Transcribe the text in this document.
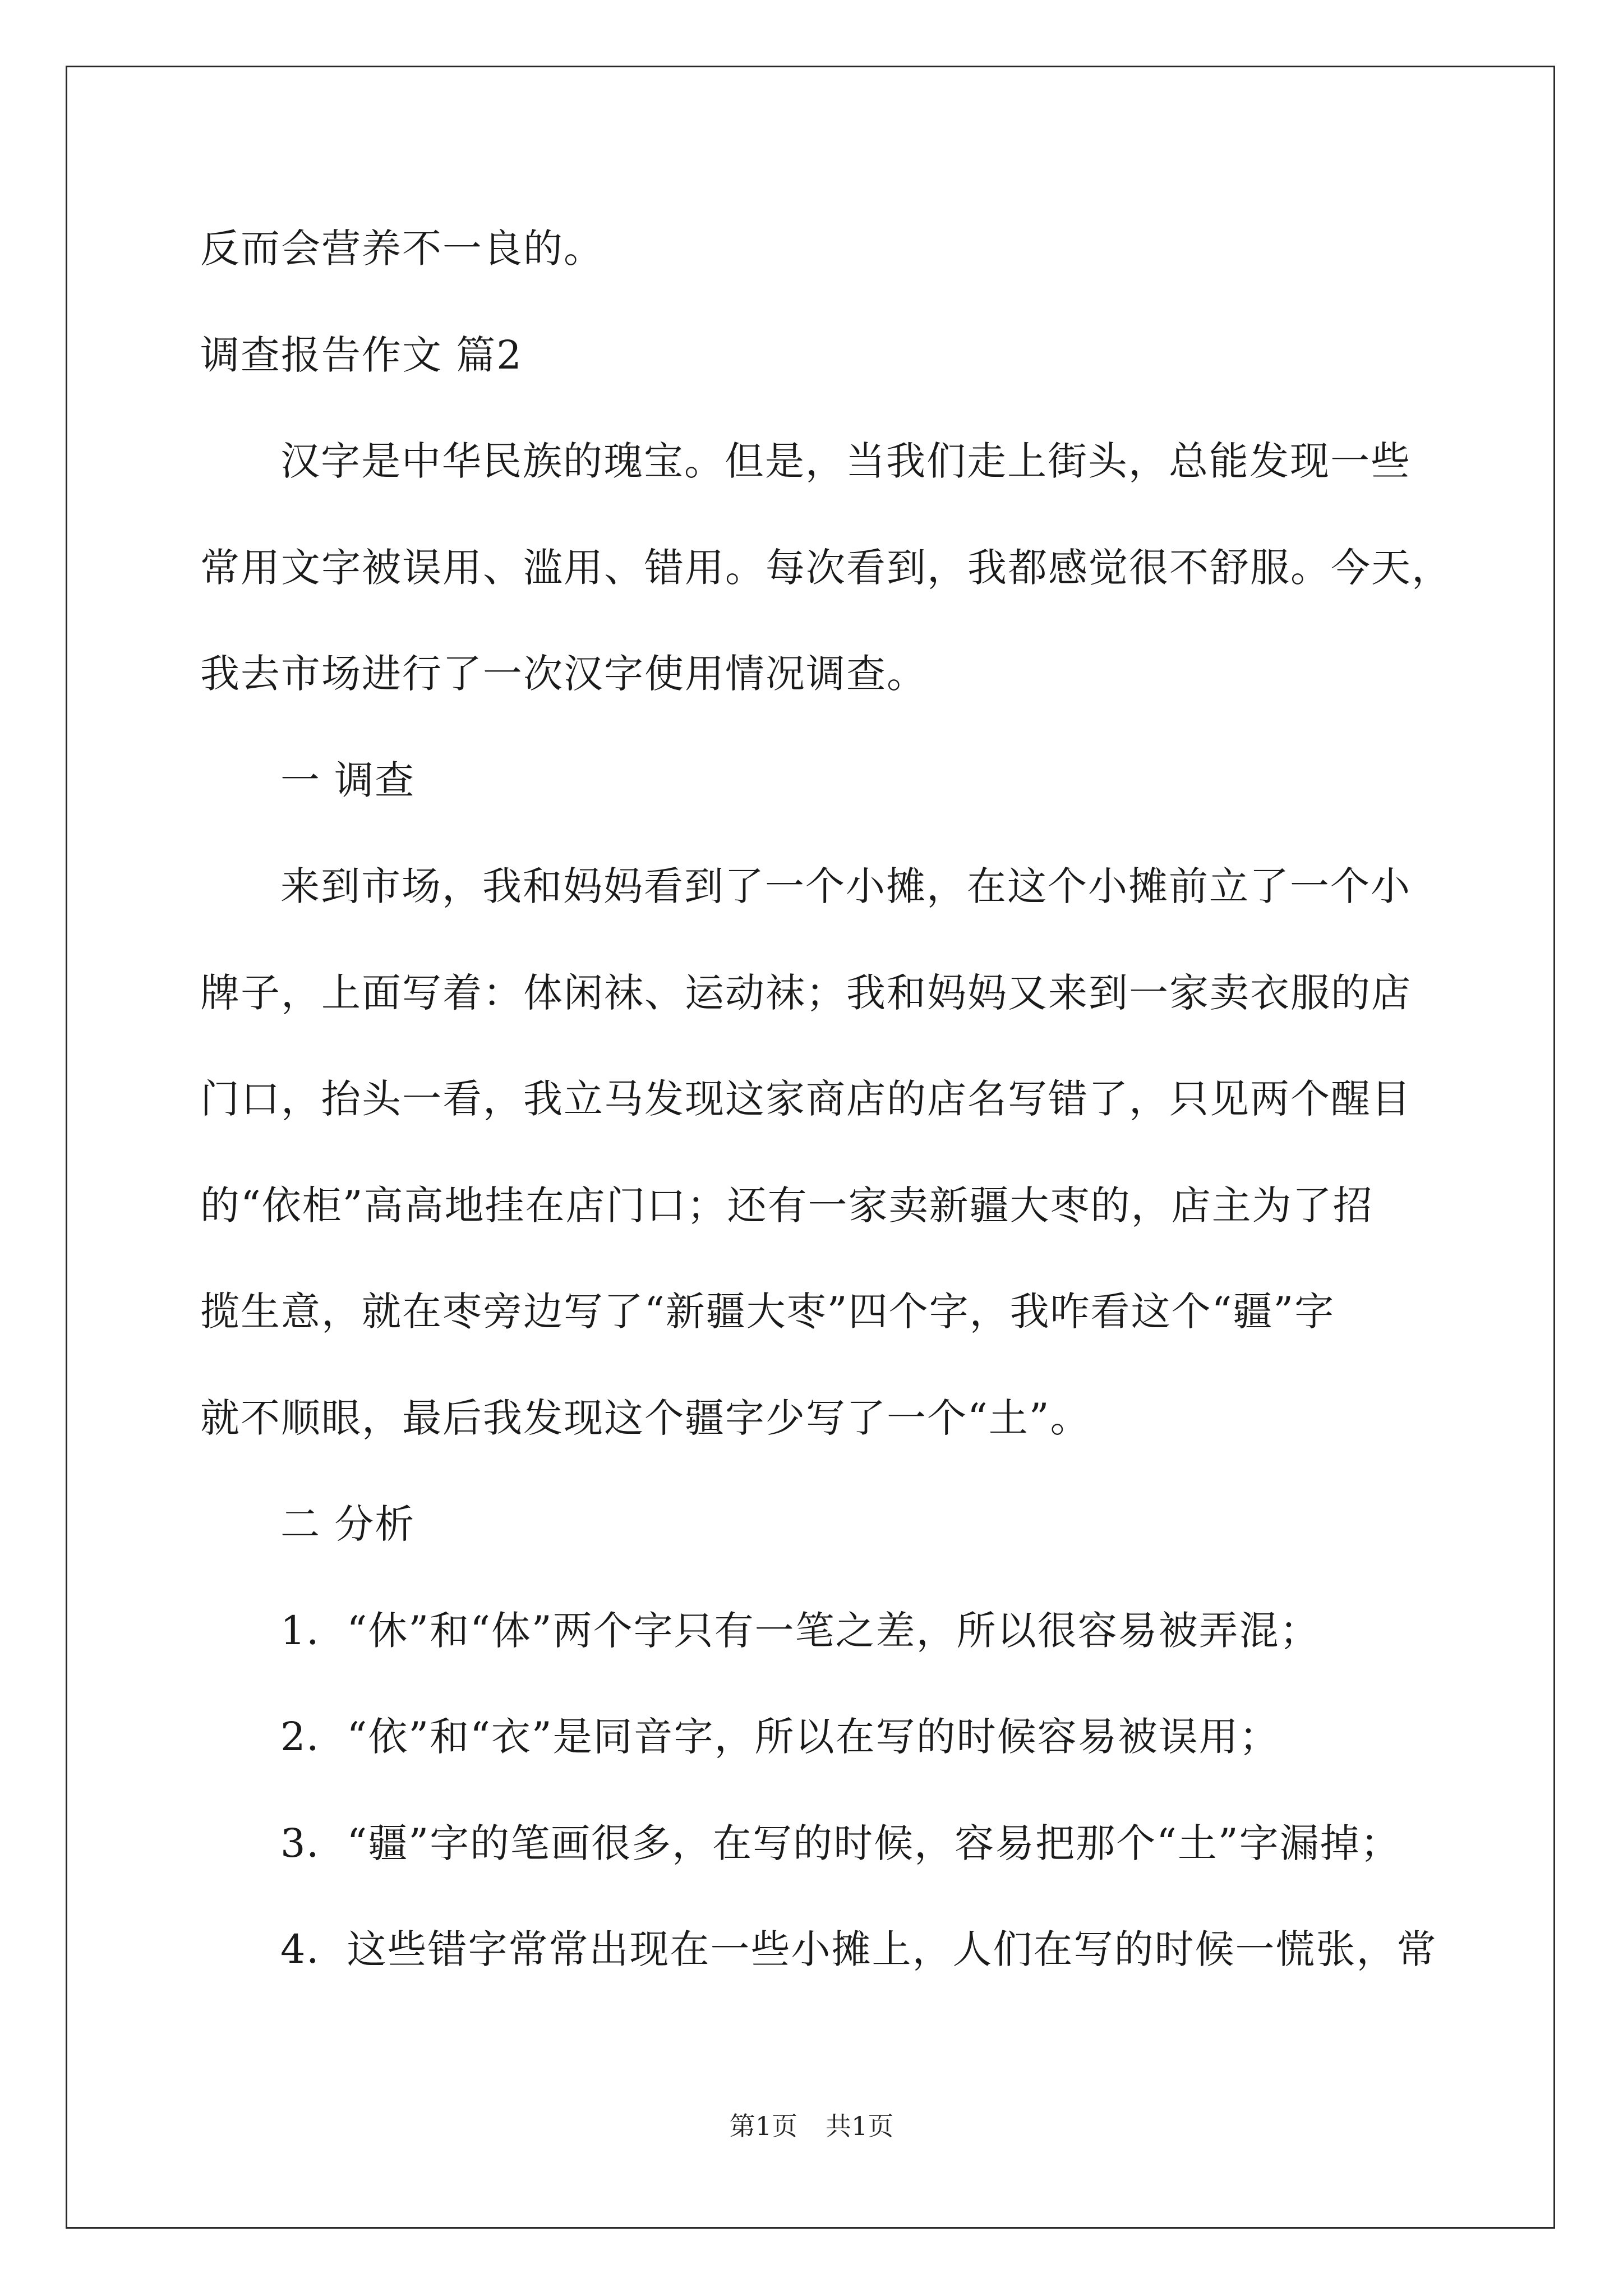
反而会营养不一良的。
调查报告作文 篇2
汉字是中华民族的瑰宝。但是，当我们走上街头，总能发现一些
常用文字被误用、滥用、错用。每次看到，我都感觉很不舒服。今天，
我去市场进行了一次汉字使用情况调查。
一 调查
来到市场，我和妈妈看到了一个小摊，在这个小摊前立了一个小
牌子，上面写着：体闲袜、运动袜；我和妈妈又来到一家卖衣服的店
门口，抬头一看，我立马发现这家商店的店名写错了，只见两个醒目
的“依柜”高高地挂在店门口；还有一家卖新疆大枣的，店主为了招
揽生意，就在枣旁边写了“新疆大枣”四个字，我咋看这个“疆”字
就不顺眼，最后我发现这个疆字少写了一个“土”。
二 分析
1．“休”和“体”两个字只有一笔之差，所以很容易被弄混；
2．“依”和“衣”是同音字，所以在写的时候容易被误用；
3．“疆”字的笔画很多，在写的时候，容易把那个“土”字漏掉；
4．这些错字常常出现在一些小摊上，人们在写的时候一慌张，常
第1页 共1页
